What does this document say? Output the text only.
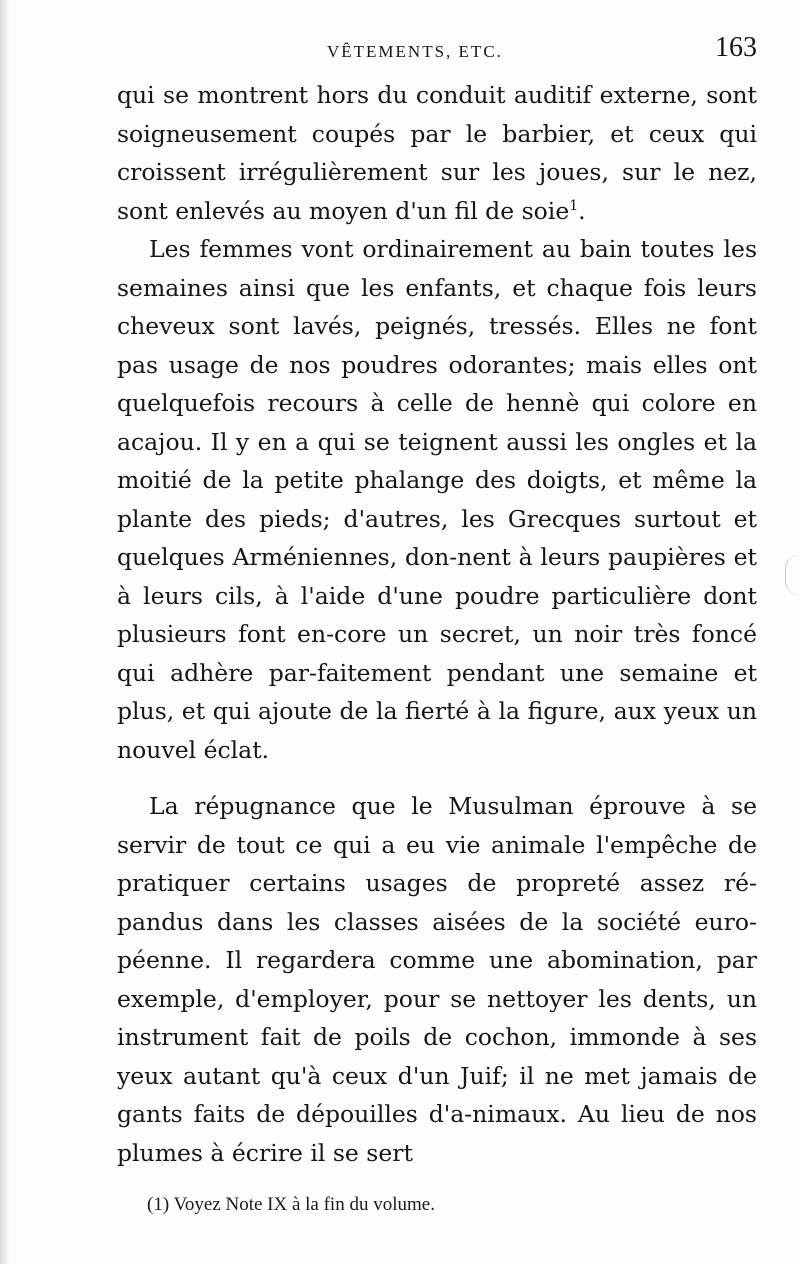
VÊTEMENTS, ETC.	163

qui se montrent hors du conduit auditif externe, sont soigneusement coupés par le barbier, et ceux qui croissent irrégulièrement sur les joues, sur le nez, sont enlevés au moyen d'un fil de soie$^1$.

Les femmes vont ordinairement au bain toutes les semaines ainsi que les enfants, et chaque fois leurs cheveux sont lavés, peignés, tressés. Elles ne font pas usage de nos poudres odorantes; mais elles ont quelquefois recours à celle de hennè qui colore en acajou. Il y en a qui se teignent aussi les ongles et la moitié de la petite phalange des doigts, et même la plante des pieds; d'autres, les Grecques surtout et quelques Arméniennes, don-nent à leurs paupières et à leurs cils, à l'aide d'une poudre particulière dont plusieurs font en-core un secret, un noir très foncé qui adhère par-faitement pendant une semaine et plus, et qui ajoute de la fierté à la figure, aux yeux un nouvel éclat.

La répugnance que le Musulman éprouve à se servir de tout ce qui a eu vie animale l'empêche de pratiquer certains usages de propreté assez ré-pandus dans les classes aisées de la société euro- péenne. Il regardera comme une abomination, par exemple, d'employer, pour se nettoyer les dents, un instrument fait de poils de cochon, immonde à ses yeux autant qu'à ceux d'un Juif; il ne met jamais de gants faits de dépouilles d'a-nimaux. Au lieu de nos plumes à écrire il se sert

(1) Voyez Note IX à la fin du volume.
